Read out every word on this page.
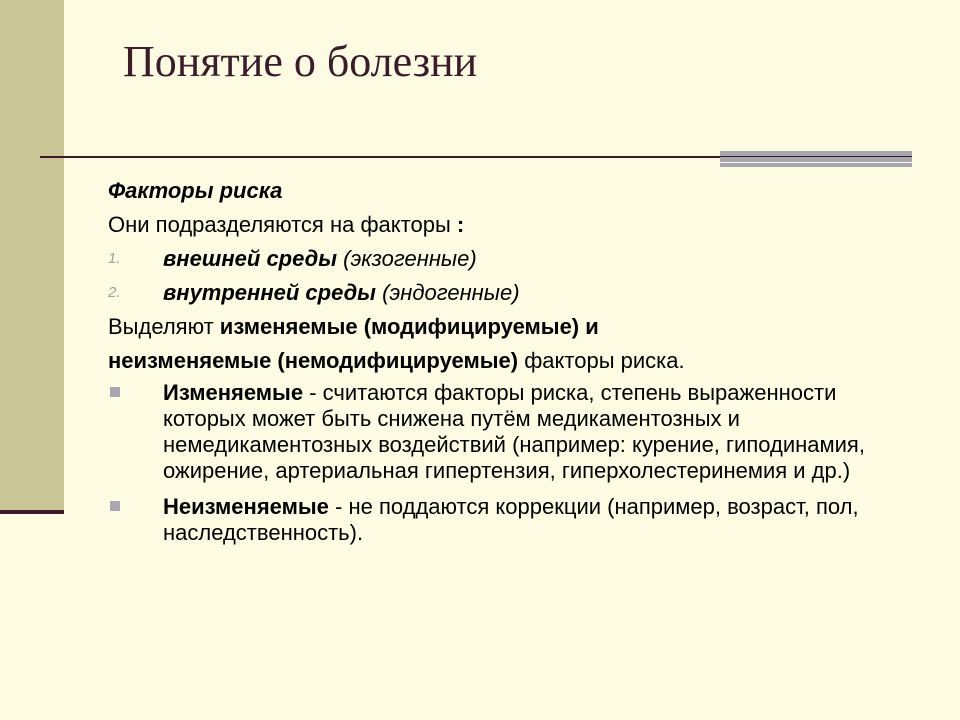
Понятие о болезни

Факторы риска

Они подразделяются на факторы :

1. внешней среды (экзогенные)

2. внутренней среды (эндогенные)

Выделяют изменяемые (модифицируемые) и

неизменяемые (немодифицируемые) факторы риска.

Изменяемые - считаются факторы риска, степень выраженности которых может быть снижена путём медикаментозных и немедикаментозных воздействий (например: курение, гиподинамия, ожирение, артериальная гипертензия, гиперхолестеринемия и др.)
Неизменяемые - не поддаются коррекции (например, возраст, пол, наследственность).
